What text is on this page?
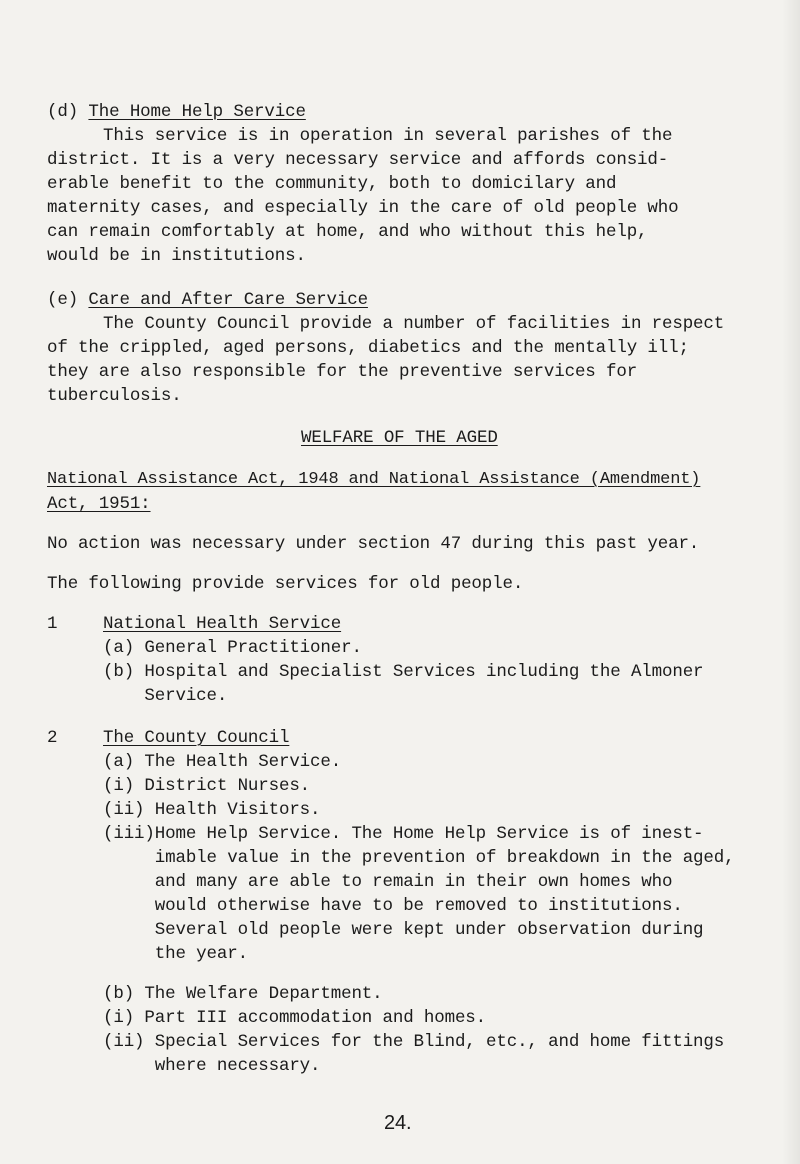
(d) The Home Help Service
This service is in operation in several parishes of the
district. It is a very necessary service and affords consid-
erable benefit to the community, both to domicilary and
maternity cases, and especially in the care of old people who
can remain comfortably at home, and who without this help,
would be in institutions.
(e) Care and After Care Service
The County Council provide a number of facilities in respect
of the crippled, aged persons, diabetics and the mentally ill;
they are also responsible for the preventive services for
tuberculosis.
WELFARE OF THE AGED
National Assistance Act, 1948 and National Assistance (Amendment)
Act, 1951:
No action was necessary under section 47 during this past year.
The following provide services for old people.
1	National Health Service
(a) General Practitioner.
(b) Hospital and Specialist Services including the Almoner
Service.
2	The County Council
(a) The Health Service.
(i) District Nurses.
(ii) Health Visitors.
(iii)Home Help Service. The Home Help Service is of inest-
imable value in the prevention of breakdown in the aged,
and many are able to remain in their own homes who
would otherwise have to be removed to institutions.
Several old people were kept under observation during
the year.
(b) The Welfare Department.
(i) Part III accommodation and homes.
(ii) Special Services for the Blind, etc., and home fittings
where necessary.
24.
